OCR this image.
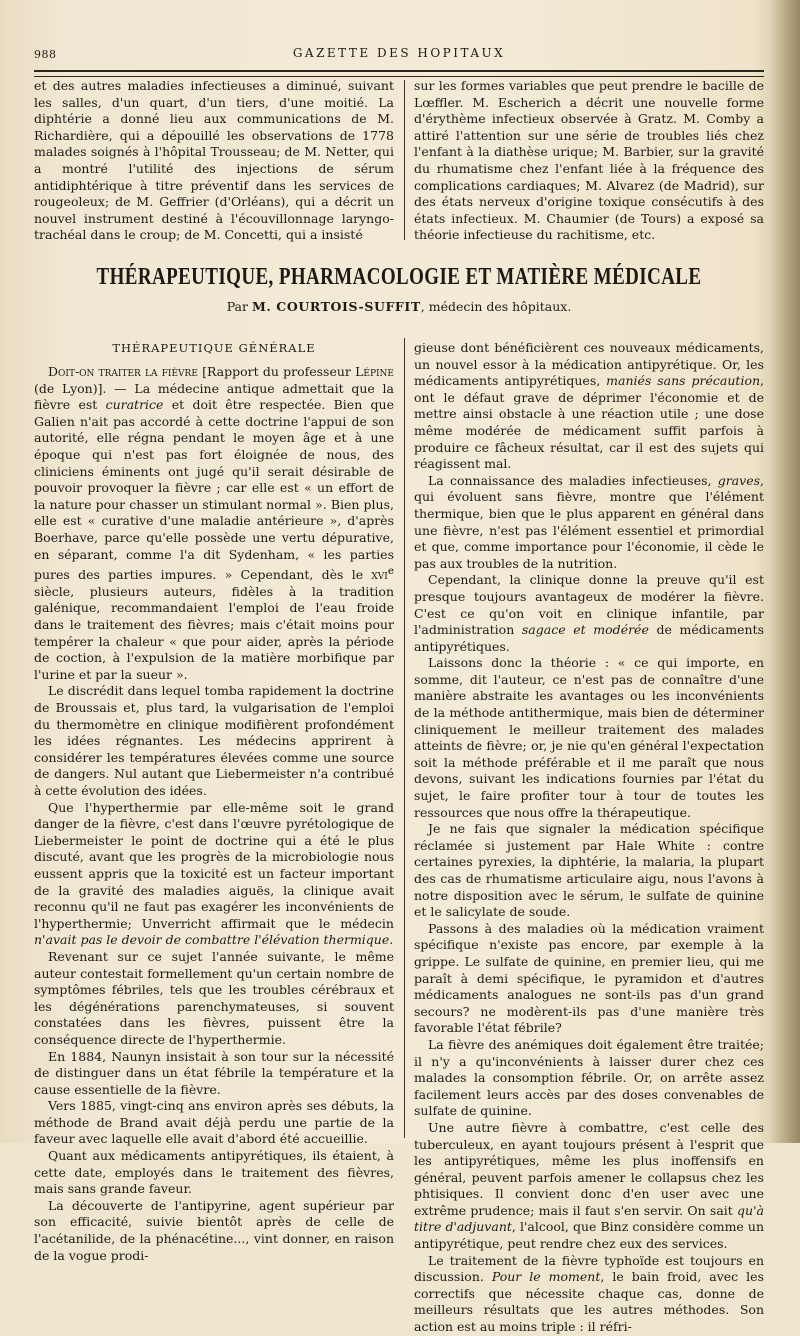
988	GAZETTE DES HOPITAUX

et des autres maladies infectieuses a diminué, suivant les salles, d'un quart, d'un tiers, d'une moitié. La diphtérie a donné lieu aux communications de M. Richardière, qui a dépouillé les observations de 1778 malades soignés à l'hôpital Trousseau; de M. Netter, qui a montré l'utilité des injections de sérum antidiphtérique à titre préventif dans les services de rougeoleux; de M. Geffrier (d'Orléans), qui a décrit un nouvel instrument destiné à l'écouvillonnage laryngo-trachéal dans le croup; de M. Concetti, qui a insisté

sur les formes variables que peut prendre le bacille de Lœffler. M. Escherich a décrit une nouvelle forme d'érythème infectieux observée à Gratz. M. Comby a attiré l'attention sur une série de troubles liés chez l'enfant à la diathèse urique; M. Barbier, sur la gravité du rhumatisme chez l'enfant liée à la fréquence des complications cardiaques; M. Alvarez (de Madrid), sur des états nerveux d'origine toxique consécutifs à des états infectieux. M. Chaumier (de Tours) a exposé sa théorie infectieuse du rachitisme, etc.

THÉRAPEUTIQUE, PHARMACOLOGIE ET MATIÈRE MÉDICALE
Par M. COURTOIS-SUFFIT, médecin des hôpitaux.
THÉRAPEUTIQUE GÉNÉRALE

Doit-on traiter la fièvre [Rapport du professeur Lépine (de Lyon)]. — La médecine antique admettait que la fièvre est curatrice et doit être respectée. Bien que Galien n'ait pas accordé à cette doctrine l'appui de son autorité, elle régna pendant le moyen âge et à une époque qui n'est pas fort éloignée de nous, des cliniciens éminents ont jugé qu'il serait désirable de pouvoir provoquer la fièvre ; car elle est « un effort de la nature pour chasser un stimulant normal ». Bien plus, elle est « curative d'une maladie antérieure », d'après Boerhave, parce qu'elle possède une vertu dépurative, en séparant, comme l'a dit Sydenham, « les parties pures des parties impures. » Cependant, dès le xvi$^e$ siècle, plusieurs auteurs, fidèles à la tradition galénique, recommandaient l'emploi de l'eau froide dans le traitement des fièvres; mais c'était moins pour tempérer la chaleur « que pour aider, après la période de coction, à l'expulsion de la matière morbifique par l'urine et par la sueur ».

Le discrédit dans lequel tomba rapidement la doctrine de Broussais et, plus tard, la vulgarisation de l'emploi du thermomètre en clinique modifièrent profondément les idées régnantes. Les médecins apprirent à considérer les températures élevées comme une source de dangers. Nul autant que Liebermeister n'a contribué à cette évolution des idées.

Que l'hyperthermie par elle-même soit le grand danger de la fièvre, c'est dans l'œuvre pyrétologique de Liebermeister le point de doctrine qui a été le plus discuté, avant que les progrès de la microbiologie nous eussent appris que la toxicité est un facteur important de la gravité des maladies aiguës, la clinique avait reconnu qu'il ne faut pas exagérer les inconvénients de l'hyperthermie; Unverricht affirmait que le médecin n'avait pas le devoir de combattre l'élévation thermique.

Revenant sur ce sujet l'année suivante, le même auteur contestait formellement qu'un certain nombre de symptômes fébriles, tels que les troubles cérébraux et les dégénérations parenchymateuses, si souvent constatées dans les fièvres, puissent être la conséquence directe de l'hyperthermie.

En 1884, Naunyn insistait à son tour sur la nécessité de distinguer dans un état fébrile la température et la cause essentielle de la fièvre.

Vers 1885, vingt-cinq ans environ après ses débuts, la méthode de Brand avait déjà perdu une partie de la faveur avec laquelle elle avait d'abord été accueillie.

Quant aux médicaments antipyrétiques, ils étaient, à cette date, employés dans le traitement des fièvres, mais sans grande faveur.

La découverte de l'antipyrine, agent supérieur par son efficacité, suivie bientôt après de celle de l'acétanilide, de la phénacétine..., vint donner, en raison de la vogue prodi-

gieuse dont bénéficièrent ces nouveaux médicaments, un nouvel essor à la médication antipyrétique. Or, les médicaments antipyrétiques, maniés sans précaution, ont le défaut grave de déprimer l'économie et de mettre ainsi obstacle à une réaction utile ; une dose même modérée de médicament suffit parfois à produire ce fâcheux résultat, car il est des sujets qui réagissent mal.

La connaissance des maladies infectieuses, graves, qui évoluent sans fièvre, montre que l'élément thermique, bien que le plus apparent en général dans une fièvre, n'est pas l'élément essentiel et primordial et que, comme importance pour l'économie, il cède le pas aux troubles de la nutrition.

Cependant, la clinique donne la preuve qu'il est presque toujours avantageux de modérer la fièvre. C'est ce qu'on voit en clinique infantile, par l'administration sagace et modérée de médicaments antipyrétiques.

Laissons donc la théorie : « ce qui importe, en somme, dit l'auteur, ce n'est pas de connaître d'une manière abstraite les avantages ou les inconvénients de la méthode antithermique, mais bien de déterminer cliniquement le meilleur traitement des malades atteints de fièvre; or, je nie qu'en général l'expectation soit la méthode préférable et il me paraît que nous devons, suivant les indications fournies par l'état du sujet, le faire profiter tour à tour de toutes les ressources que nous offre la thérapeutique.

Je ne fais que signaler la médication spécifique réclamée si justement par Hale White : contre certaines pyrexies, la diphtérie, la malaria, la plupart des cas de rhumatisme articulaire aigu, nous l'avons à notre disposition avec le sérum, le sulfate de quinine et le salicylate de soude.

Passons à des maladies où la médication vraiment spécifique n'existe pas encore, par exemple à la grippe. Le sulfate de quinine, en premier lieu, qui me paraît à demi spécifique, le pyramidon et d'autres médicaments analogues ne sont-ils pas d'un grand secours? ne modèrent-ils pas d'une manière très favorable l'état fébrile?

La fièvre des anémiques doit également être traitée; il n'y a qu'inconvénients à laisser durer chez ces malades la consomption fébrile. Or, on arrête assez facilement leurs accès par des doses convenables de sulfate de quinine.

Une autre fièvre à combattre, c'est celle des tuberculeux, en ayant toujours présent à l'esprit que les antipyrétiques, même les plus inoffensifs en général, peuvent parfois amener le collapsus chez les phtisiques. Il convient donc d'en user avec une extrême prudence; mais il faut s'en servir. On sait qu'à titre d'adjuvant, l'alcool, que Binz considère comme un antipyrétique, peut rendre chez eux des services.

Le traitement de la fièvre typhoïde est toujours en discussion. Pour le moment, le bain froid, avec les correctifs que nécessite chaque cas, donne de meilleurs résultats que les autres méthodes. Son action est au moins triple : il réfri-
